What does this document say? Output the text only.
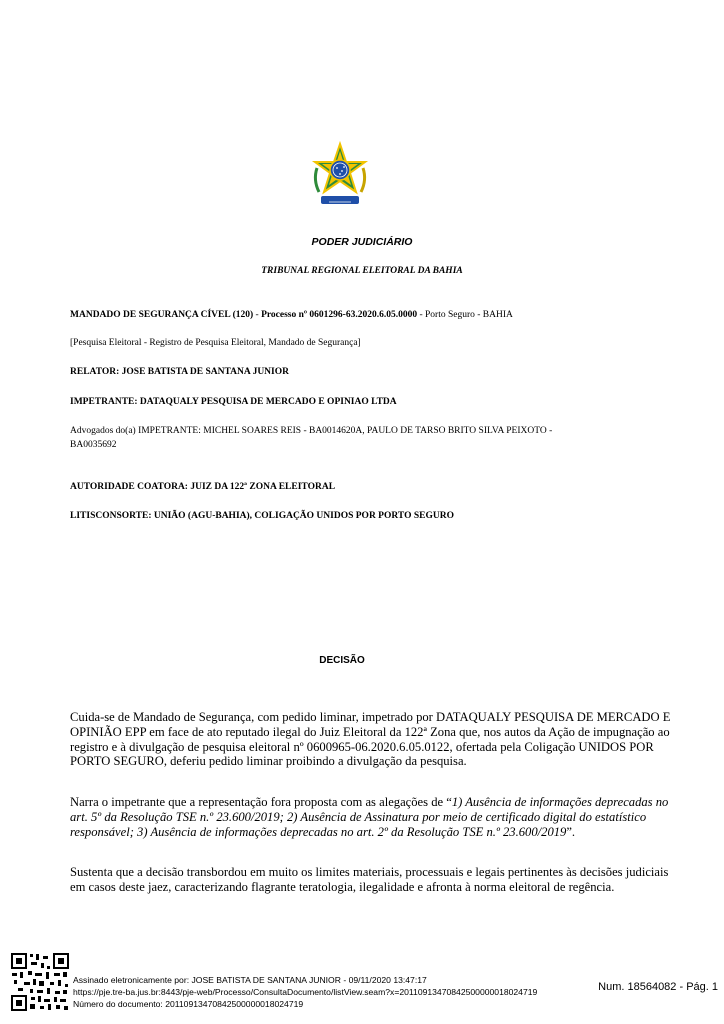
PODER JUDICIÁRIO
TRIBUNAL REGIONAL ELEITORAL DA BAHIA
MANDADO DE SEGURANÇA CÍVEL (120) - Processo nº 0601296-63.2020.6.05.0000 - Porto Seguro - BAHIA
[Pesquisa Eleitoral - Registro de Pesquisa Eleitoral, Mandado de Segurança]
RELATOR: JOSE BATISTA DE SANTANA JUNIOR
IMPETRANTE: DATAQUALY PESQUISA DE MERCADO E OPINIAO LTDA
Advogados do(a) IMPETRANTE: MICHEL SOARES REIS - BA0014620A, PAULO DE TARSO BRITO SILVA PEIXOTO -
BA0035692
AUTORIDADE COATORA: JUIZ DA 122ª ZONA ELEITORAL
LITISCONSORTE: UNIÃO (AGU-BAHIA), COLIGAÇÃO UNIDOS POR PORTO SEGURO
DECISÃO
Cuida-se de Mandado de Segurança, com pedido liminar, impetrado por DATAQUALY PESQUISA DE MERCADO E OPINIÃO EPP em face de ato reputado ilegal do Juiz Eleitoral da 122ª Zona que, nos autos da Ação de impugnação ao registro e à divulgação de pesquisa eleitoral nº 0600965-06.2020.6.05.0122, ofertada pela Coligação UNIDOS POR PORTO SEGURO, deferiu pedido liminar proibindo a divulgação da pesquisa.
Narra o impetrante que a representação fora proposta com as alegações de “1) Ausência de informações deprecadas no art. 5º da Resolução TSE n.º 23.600/2019; 2) Ausência de Assinatura por meio de certificado digital do estatístico responsável; 3) Ausência de informações deprecadas no art. 2º da Resolução TSE n.º 23.600/2019”.
Sustenta que a decisão transbordou em muito os limites materiais, processuais e legais pertinentes às decisões judiciais em casos deste jaez, caracterizando flagrante teratologia, ilegalidade e afronta à norma eleitoral de regência.
Assinado eletronicamente por: JOSE BATISTA DE SANTANA JUNIOR - 09/11/2020 13:47:17
https://pje.tre-ba.jus.br:8443/pje-web/Processo/ConsultaDocumento/listView.seam?x=20110913470842500000018024719
Número do documento: 20110913470842500000018024719
Num. 18564082 - Pág. 1
